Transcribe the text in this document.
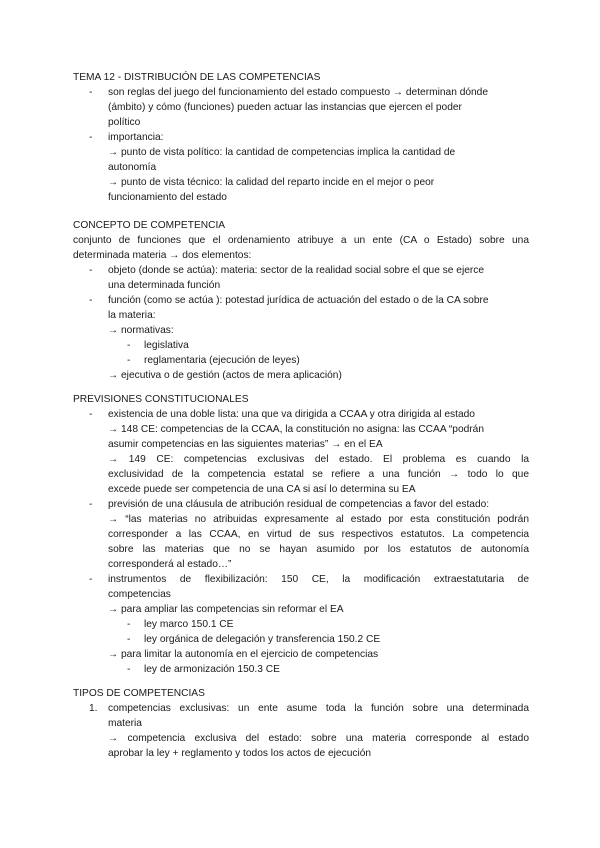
TEMA 12 - DISTRIBUCIÓN DE LAS COMPETENCIAS
- son reglas del juego del funcionamiento del estado compuesto → determinan dónde
(ámbito) y cómo (funciones) pueden actuar las instancias que ejercen el poder
político
- importancia:
→ punto de vista político: la cantidad de competencias implica la cantidad de
autonomía
→ punto de vista técnico: la calidad del reparto incide en el mejor o peor
funcionamiento del estado
CONCEPTO DE COMPETENCIA
conjunto de funciones que el ordenamiento atribuye a un ente (CA o Estado) sobre una
determinada materia → dos elementos:
- objeto (donde se actúa): materia: sector de la realidad social sobre el que se ejerce
una determinada función
- función (como se actúa ): potestad jurídica de actuación del estado o de la CA sobre
la materia:
→ normativas:
- legislativa
- reglamentaria (ejecución de leyes)
→ ejecutiva o de gestión (actos de mera aplicación)
PREVISIONES CONSTITUCIONALES
- existencia de una doble lista: una que va dirigida a CCAA y otra dirigida al estado
→ 148 CE: competencias de la CCAA, la constitución no asigna: las CCAA “podrán
asumir competencias en las siguientes materias” → en el EA
→ 149 CE: competencias exclusivas del estado. El problema es cuando la
exclusividad de la competencia estatal se refiere a una función → todo lo que
excede puede ser competencia de una CA si así lo determina su EA
- previsión de una cláusula de atribución residual de competencias a favor del estado:
→ “las materias no atribuidas expresamente al estado por esta constitución podrán
corresponder a las CCAA, en virtud de sus respectivos estatutos. La competencia
sobre las materias que no se hayan asumido por los estatutos de autonomía
corresponderá al estado…”
- instrumentos de flexibilización: 150 CE, la modificación extraestatutaria de
competencias
→ para ampliar las competencias sin reformar el EA
- ley marco 150.1 CE
- ley orgánica de delegación y transferencia 150.2 CE
→ para limitar la autonomía en el ejercicio de competencias
- ley de armonización 150.3 CE
TIPOS DE COMPETENCIAS
1. competencias exclusivas: un ente asume toda la función sobre una determinada
materia
→ competencia exclusiva del estado: sobre una materia corresponde al estado
aprobar la ley + reglamento y todos los actos de ejecución
